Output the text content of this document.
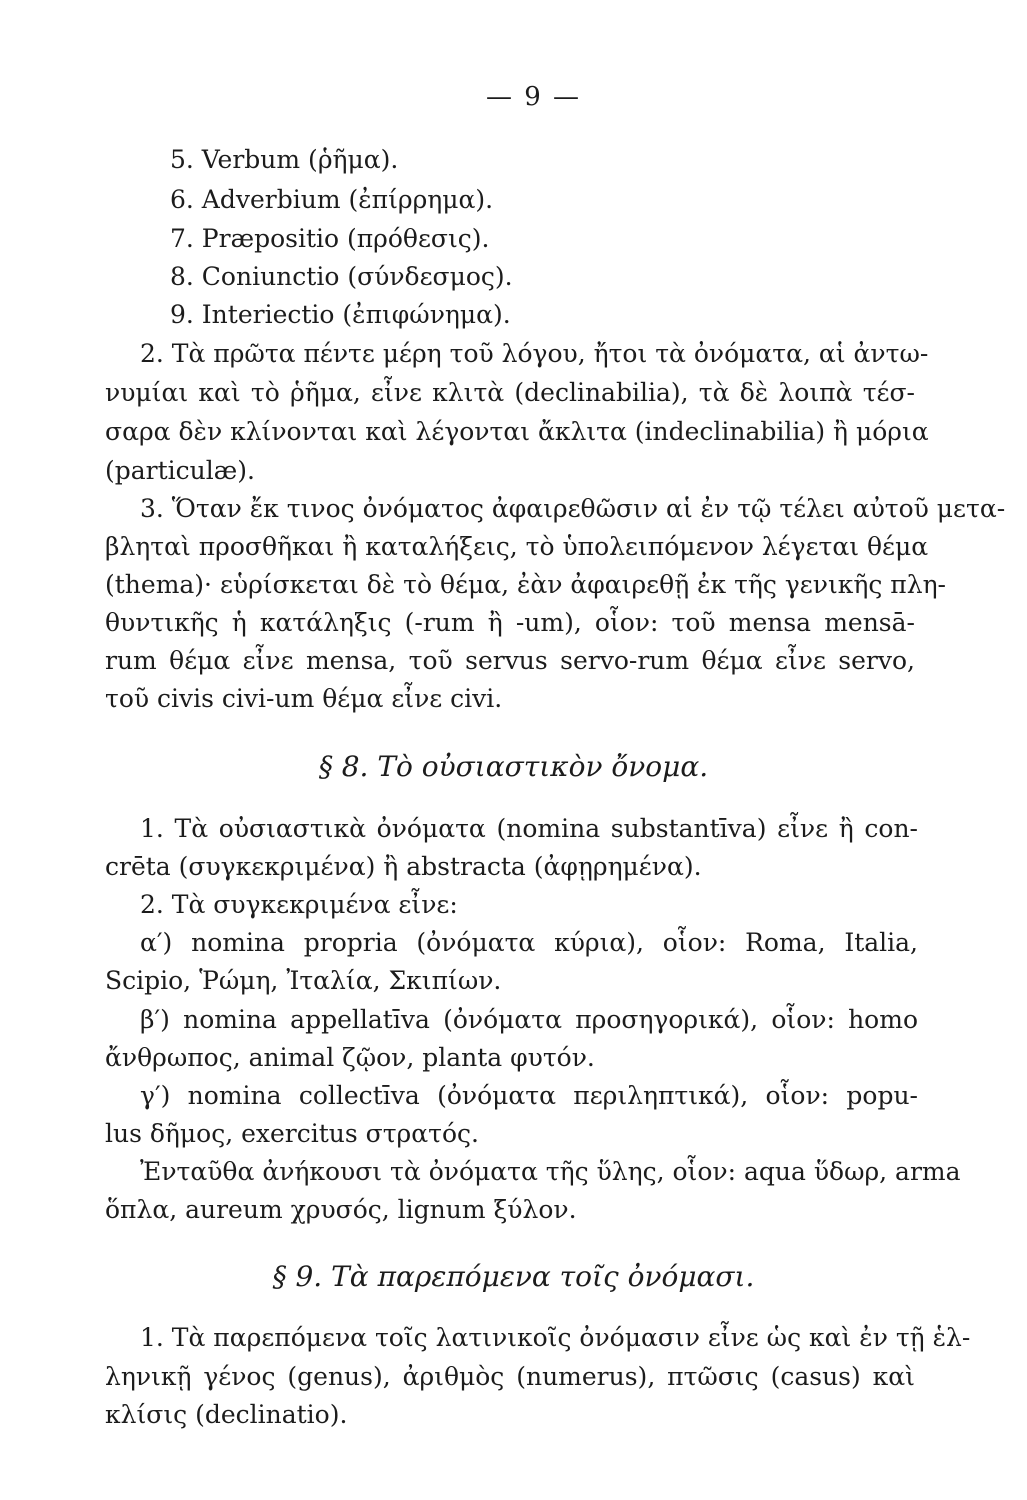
— 9 —
5. Verbum (ῥῆμα).
6. Adverbium (ἐπίρρημα).
7. Præpositio (πρόθεσις).
8. Coniunctio (σύνδεσμος).
9. Interiectio (ἐπιφώνημα).
2. Τὰ πρῶτα πέντε μέρη τοῦ λόγου, ἤτοι τὰ ὀνόματα, αἱ ἀντω-
νυμίαι καὶ τὸ ῥῆμα, εἶνε κλιτὰ (declinabilia), τὰ δὲ λοιπὰ τέσ-
σαρα δὲν κλίνονται καὶ λέγονται ἄκλιτα (indeclinabilia) ἢ μόρια
(particulæ).
3. Ὅταν ἔκ τινος ὀνόματος ἀφαιρεθῶσιν αἱ ἐν τῷ τέλει αὐτοῦ μετα-
βληταὶ προσθῆκαι ἢ καταλήξεις, τὸ ὑπολειπόμενον λέγεται θέμα
(thema)· εὑρίσκεται δὲ τὸ θέμα, ἐὰν ἀφαιρεθῇ ἐκ τῆς γενικῆς πλη-
θυντικῆς ἡ κατάληξις (-rum ἢ -um), οἷον: τοῦ mensa mensā-
rum θέμα εἶνε mensa, τοῦ servus servo-rum θέμα εἶνε servo,
τοῦ civis civi-um θέμα εἶνε civi.
§ 8. Τὸ οὐσιαστικὸν ὄνομα.
1. Τὰ οὐσιαστικὰ ὀνόματα (nomina substantīva) εἶνε ἢ con-
crēta (συγκεκριμένα) ἢ abstracta (ἀφῃρημένα).
2. Τὰ συγκεκριμένα εἶνε:
α′) nomina propria (ὀνόματα κύρια), οἷον: Roma, Italia,
Scipio, Ῥώμη, Ἰταλία, Σκιπίων.
β′) nomina appellatīva (ὀνόματα προσηγορικά), οἷον: homo
ἄνθρωπος, animal ζῷον, planta φυτόν.
γ′) nomina collectīva (ὀνόματα περιληπτικά), οἷον: popu-
lus δῆμος, exercitus στρατός.
Ἐνταῦθα ἀνήκουσι τὰ ὀνόματα τῆς ὕλης, οἷον: aqua ὕδωρ, arma
ὅπλα, aureum χρυσός, lignum ξύλον.
§ 9. Τὰ παρεπόμενα τοῖς ὀνόμασι.
1. Τὰ παρεπόμενα τοῖς λατινικοῖς ὀνόμασιν εἶνε ὡς καὶ ἐν τῇ ἑλ-
ληνικῇ γένος (genus), ἀριθμὸς (numerus), πτῶσις (casus) καὶ
κλίσις (declinatio).
